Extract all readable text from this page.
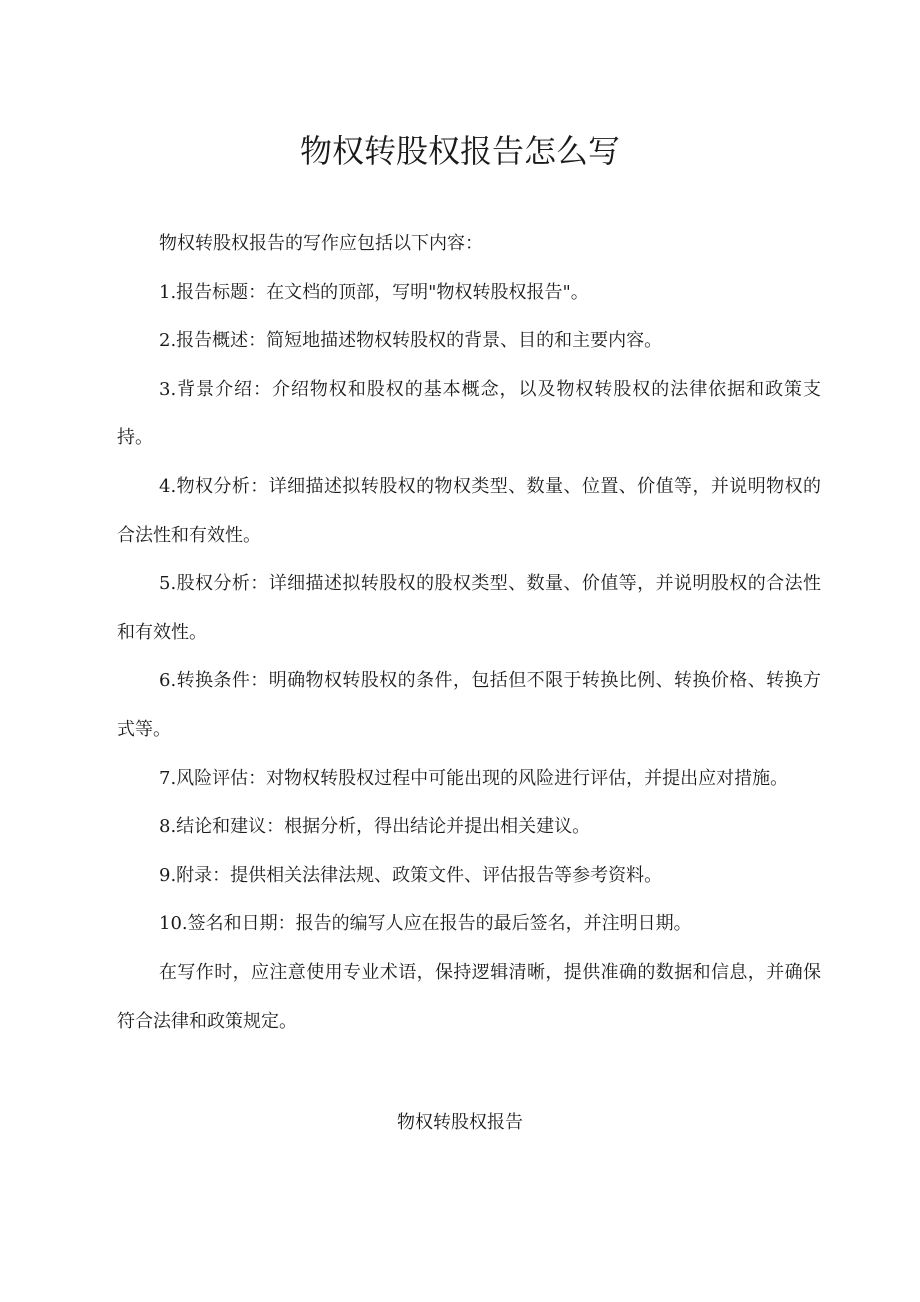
物权转股权报告怎么写

物权转股权报告的写作应包括以下内容：

1.报告标题：在文档的顶部，写明"物权转股权报告"。

2.报告概述：简短地描述物权转股权的背景、目的和主要内容。

3.背景介绍：介绍物权和股权的基本概念，以及物权转股权的法律依据和政策支持。

4.物权分析：详细描述拟转股权的物权类型、数量、位置、价值等，并说明物权的合法性和有效性。

5.股权分析：详细描述拟转股权的股权类型、数量、价值等，并说明股权的合法性和有效性。

6.转换条件：明确物权转股权的条件，包括但不限于转换比例、转换价格、转换方式等。

7.风险评估：对物权转股权过程中可能出现的风险进行评估，并提出应对措施。

8.结论和建议：根据分析，得出结论并提出相关建议。

9.附录：提供相关法律法规、政策文件、评估报告等参考资料。

10.签名和日期：报告的编写人应在报告的最后签名，并注明日期。

在写作时，应注意使用专业术语，保持逻辑清晰，提供准确的数据和信息，并确保符合法律和政策规定。

物权转股权报告
